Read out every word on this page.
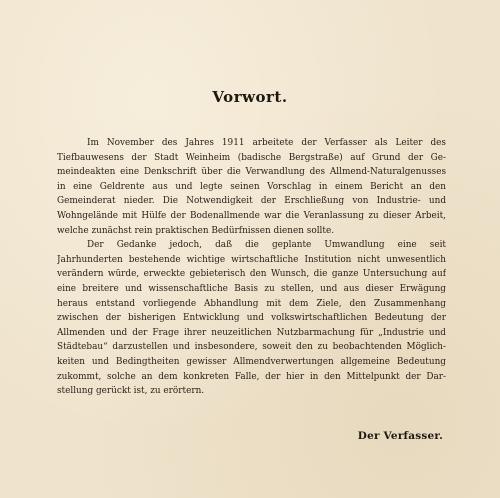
Vorwort.
Im November des Jahres 1911 arbeitete der Verfasser als Leiter des
Tiefbauwesens der Stadt Weinheim (badische Bergstraße) auf Grund der Ge-
meindeakten eine Denkschrift über die Verwandlung des Allmend-Naturalgenusses
in eine Geldrente aus und legte seinen Vorschlag in einem Bericht an den
Gemeinderat nieder. Die Notwendigkeit der Erschließung von Industrie- und
Wohngelände mit Hülfe der Bodenallmende war die Veranlassung zu dieser Arbeit,
welche zunächst rein praktischen Bedürfnissen dienen sollte.
Der Gedanke jedoch, daß die geplante Umwandlung eine seit
Jahrhunderten bestehende wichtige wirtschaftliche Institution nicht unwesentlich
verändern würde, erweckte gebieterisch den Wunsch, die ganze Untersuchung auf
eine breitere und wissenschaftliche Basis zu stellen, und aus dieser Erwägung
heraus entstand vorliegende Abhandlung mit dem Ziele, den Zusammenhang
zwischen der bisherigen Entwicklung und volkswirtschaftlichen Bedeutung der
Allmenden und der Frage ihrer neuzeitlichen Nutzbarmachung für „Industrie und
Städtebau“ darzustellen und insbesondere, soweit den zu beobachtenden Möglich-
keiten und Bedingtheiten gewisser Allmendverwertungen allgemeine Bedeutung
zukommt, solche an dem konkreten Falle, der hier in den Mittelpunkt der Dar-
stellung gerückt ist, zu erörtern.
Der Verfasser.
